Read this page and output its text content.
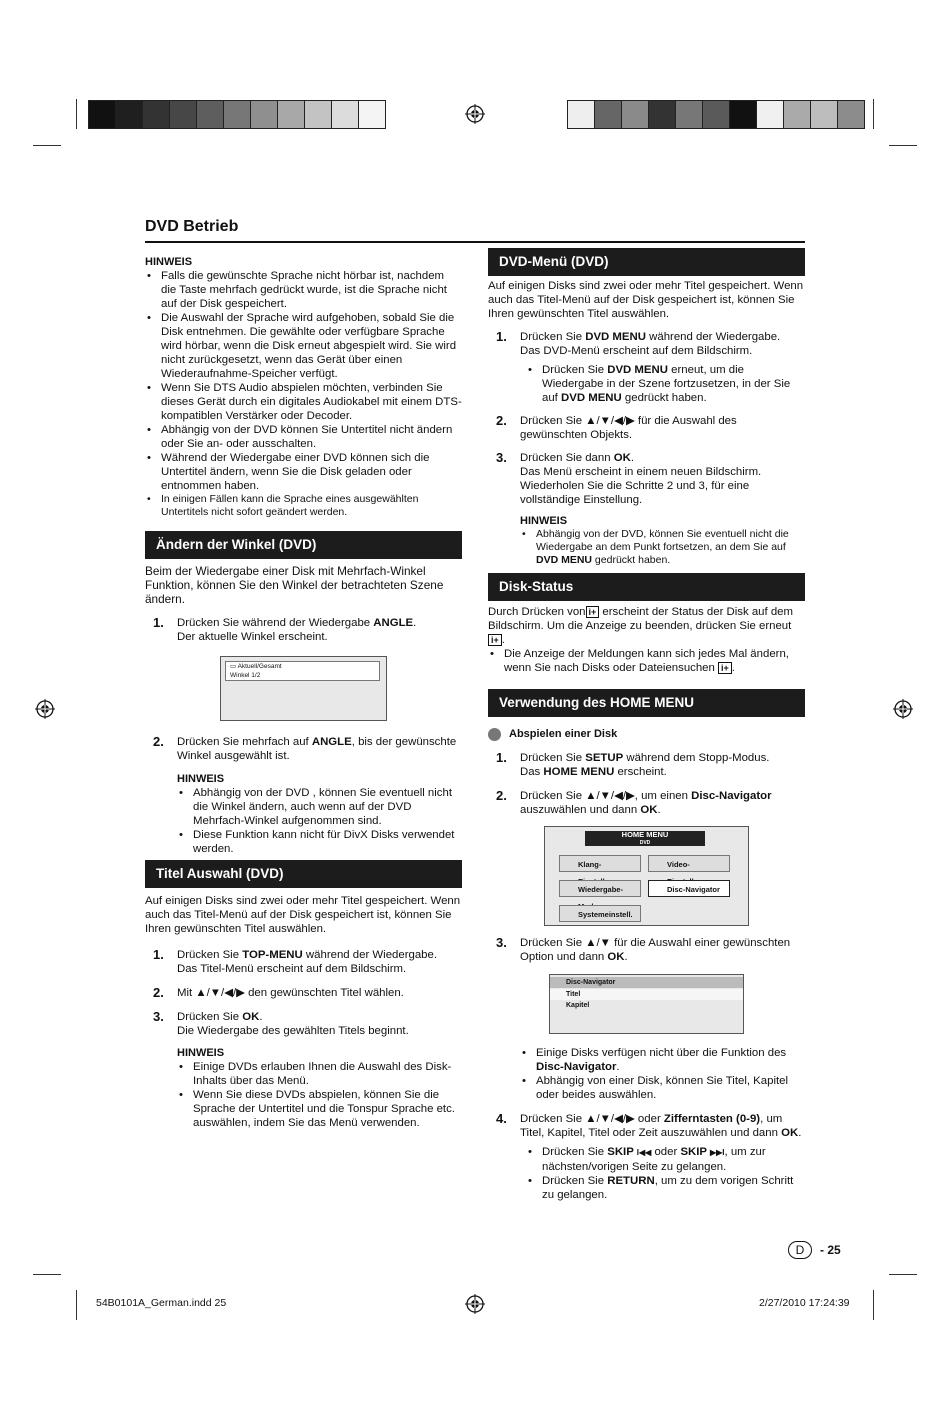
DVD Betrieb

HINWEIS

• Falls die gewünschte Sprache nicht hörbar ist, nachdem die Taste mehrfach gedrückt wurde, ist die Sprache nicht auf der Disk gespeichert.
• Die Auswahl der Sprache wird aufgehoben, sobald Sie die Disk entnehmen. Die gewählte oder verfügbare Sprache wird hörbar, wenn die Disk erneut abgespielt wird. Sie wird nicht zurückgesetzt, wenn das Gerät über einen Wiederaufnahme-Speicher verfügt.
• Wenn Sie DTS Audio abspielen möchten, verbinden Sie dieses Gerät durch ein digitales Audiokabel mit einem DTS-kompatiblen Verstärker oder Decoder.
• Abhängig von der DVD können Sie Untertitel nicht ändern oder Sie an- oder ausschalten.
• Während der Wiedergabe einer DVD können sich die Untertitel ändern, wenn Sie die Disk geladen oder entnommen haben.
• In einigen Fällen kann die Sprache eines ausgewählten Untertitels nicht sofort geändert werden.
Ändern der Winkel (DVD)

Beim der Wiedergabe einer Disk mit Mehrfach-Winkel Funktion, können Sie den Winkel der betrachteten Szene ändern.

1. Drücken Sie während der Wiedergabe ANGLE.
Der aktuelle Winkel erscheint.
▭ Aktuell/Gesamt
Winkel 1/2
2. Drücken Sie mehrfach auf ANGLE, bis der gewünschte Winkel ausgewählt ist.

HINWEIS

• Abhängig von der DVD , können Sie eventuell nicht die Winkel ändern, auch wenn auf der DVD Mehrfach-Winkel aufgenommen sind.
• Diese Funktion kann nicht für DivX Disks verwendet werden.
Titel Auswahl (DVD)

Auf einigen Disks sind zwei oder mehr Titel gespeichert. Wenn auch das Titel-Menü auf der Disk gespeichert ist, können Sie Ihren gewünschten Titel auswählen.

1. Drücken Sie TOP-MENU während der Wiedergabe.
Das Titel-Menü erscheint auf dem Bildschirm.
2. Mit ▲/▼/◀/▶ den gewünschten Titel wählen.
3. Drücken Sie OK.
Die Wiedergabe des gewählten Titels beginnt.

HINWEIS

• Einige DVDs erlauben Ihnen die Auswahl des Disk-Inhalts über das Menü.
• Wenn Sie diese DVDs abspielen, können Sie die Sprache der Untertitel und die Tonspur Sprache etc. auswählen, indem Sie das Menü verwenden.
DVD-Menü (DVD)

Auf einigen Disks sind zwei oder mehr Titel gespeichert. Wenn auch das Titel-Menü auf der Disk gespeichert ist, können Sie Ihren gewünschten Titel auswählen.

1. Drücken Sie DVD MENU während der Wiedergabe.
Das DVD-Menü erscheint auf dem Bildschirm.
• Drücken Sie DVD MENU erneut, um die Wiedergabe in der Szene fortzusetzen, in der Sie auf DVD MENU gedrückt haben.
2. Drücken Sie ▲/▼/◀/▶ für die Auswahl des gewünschten Objekts.
3. Drücken Sie dann OK.
Das Menü erscheint in einem neuen Bildschirm. Wiederholen Sie die Schritte 2 und 3, für eine vollständige Einstellung.

HINWEIS

• Abhängig von der DVD, können Sie eventuell nicht die Wiedergabe an dem Punkt fortsetzen, an dem Sie auf DVD MENU gedrückt haben.
Disk-Status

Durch Drücken von i+ erscheint der Status der Disk auf dem Bildschirm. Um die Anzeige zu beenden, drücken Sie erneut i+ .

• Die Anzeige der Meldungen kann sich jedes Mal ändern, wenn Sie nach Disks oder Dateiensuchen i+ .
Verwendung des HOME MENU
Abspielen einer Disk
1. Drücken Sie SETUP während dem Stopp-Modus.
Das HOME MENU erscheint.
2. Drücken Sie ▲/▼/◀/▶, um einen Disc-Navigator auszuwählen und dann OK.
HOME MENU
DVD
Klang-	Video-
Wiedergabe-	Disc-Navigator
Systemeinstell.
3. Drücken Sie ▲/▼ für die Auswahl einer gewünschten Option und dann OK.
Disc-Navigator
Titel
Kapitel
• Einige Disks verfügen nicht über die Funktion des Disc-Navigator.
• Abhängig von einer Disk, können Sie Titel, Kapitel oder beides auswählen.
4. Drücken Sie ▲/▼/◀/▶ oder Zifferntasten (0-9), um Titel, Kapitel, Titel oder Zeit auszuwählen und dann OK.
• Drücken Sie SKIP I◀◀ oder SKIP ▶▶I, um zur nächsten/vorigen Seite zu gelangen.
• Drücken Sie RETURN, um zu dem vorigen Schritt zu gelangen.
D	- 25
54B0101A_German.indd 25	2/27/2010 17:24:39
